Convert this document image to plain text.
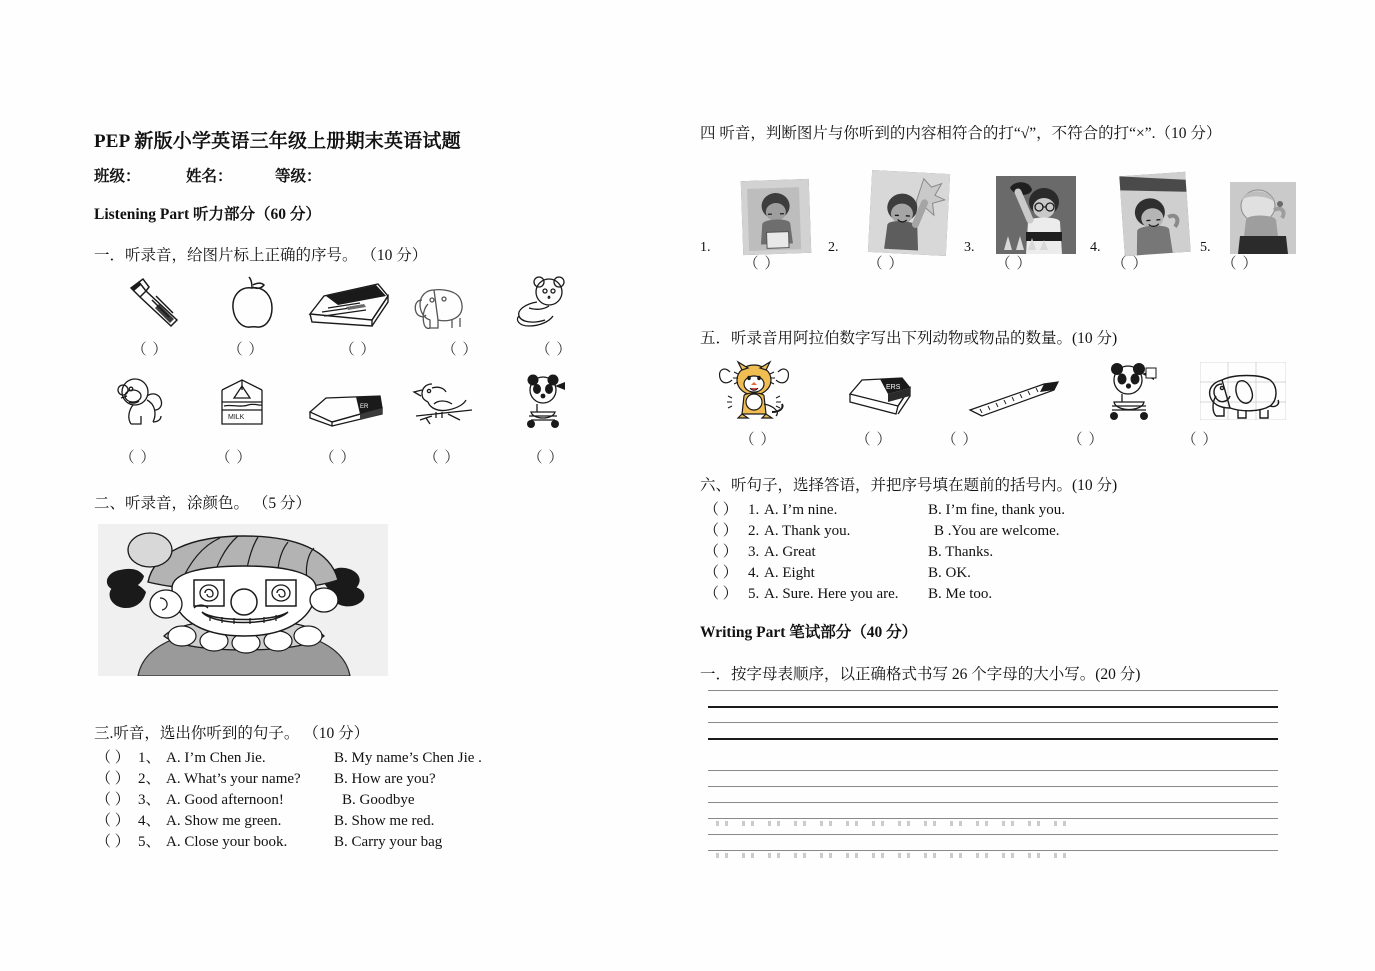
PEP 新版小学英语三年级上册期末英语试题
班级：	姓名：	等级：
Listening Part 听力部分（60 分）
一．听录音，给图片标上正确的序号。 （10 分）
（ ）
（ ）
（ ）
（ ）
（ ）
MILK
ER
（ ）
（ ）
（ ）
（ ）
（ ）
二、听录音，涂颜色。 （5 分）
三.听音，选出你听到的句子。 （10 分）
（ ） 1、 A. I’m Chen Jie.	B. My name’s Chen Jie .
（ ） 2、 A. What’s your name? B. How are you?
（ ） 3、 A. Good afternoon!	B. Goodbye
（ ） 4、 A. Show me green.	B. Show me red.
（ ） 5、 A. Close your book.	B. Carry your bag
四 听音，判断图片与你听到的内容相符合的打“√”，不符合的打“×”.（10 分）
1.	2.	3.	4.	5.
（ ）
（ ）
（ ）
（ ）
（ ）
五．听录音用阿拉伯数字写出下列动物或物品的数量。(10 分)
ERS
（ ）
（ ）
（ ）
（ ）
（ ）
六、听句子，选择答语，并把序号填在题前的括号内。(10 分)
（ ） 1. A. I’m nine.	B. I’m fine, thank you.
（ ） 2. A. Thank you.	B .You are welcome.
（ ） 3. A. Great	B. Thanks.
（ ） 4. A. Eight	B. OK.
（ ） 5. A. Sure. Here you are. B. Me too.
Writing Part 笔试部分（40 分）
一．按字母表顺序，以正确格式书写 26 个字母的大小写。(20 分)
